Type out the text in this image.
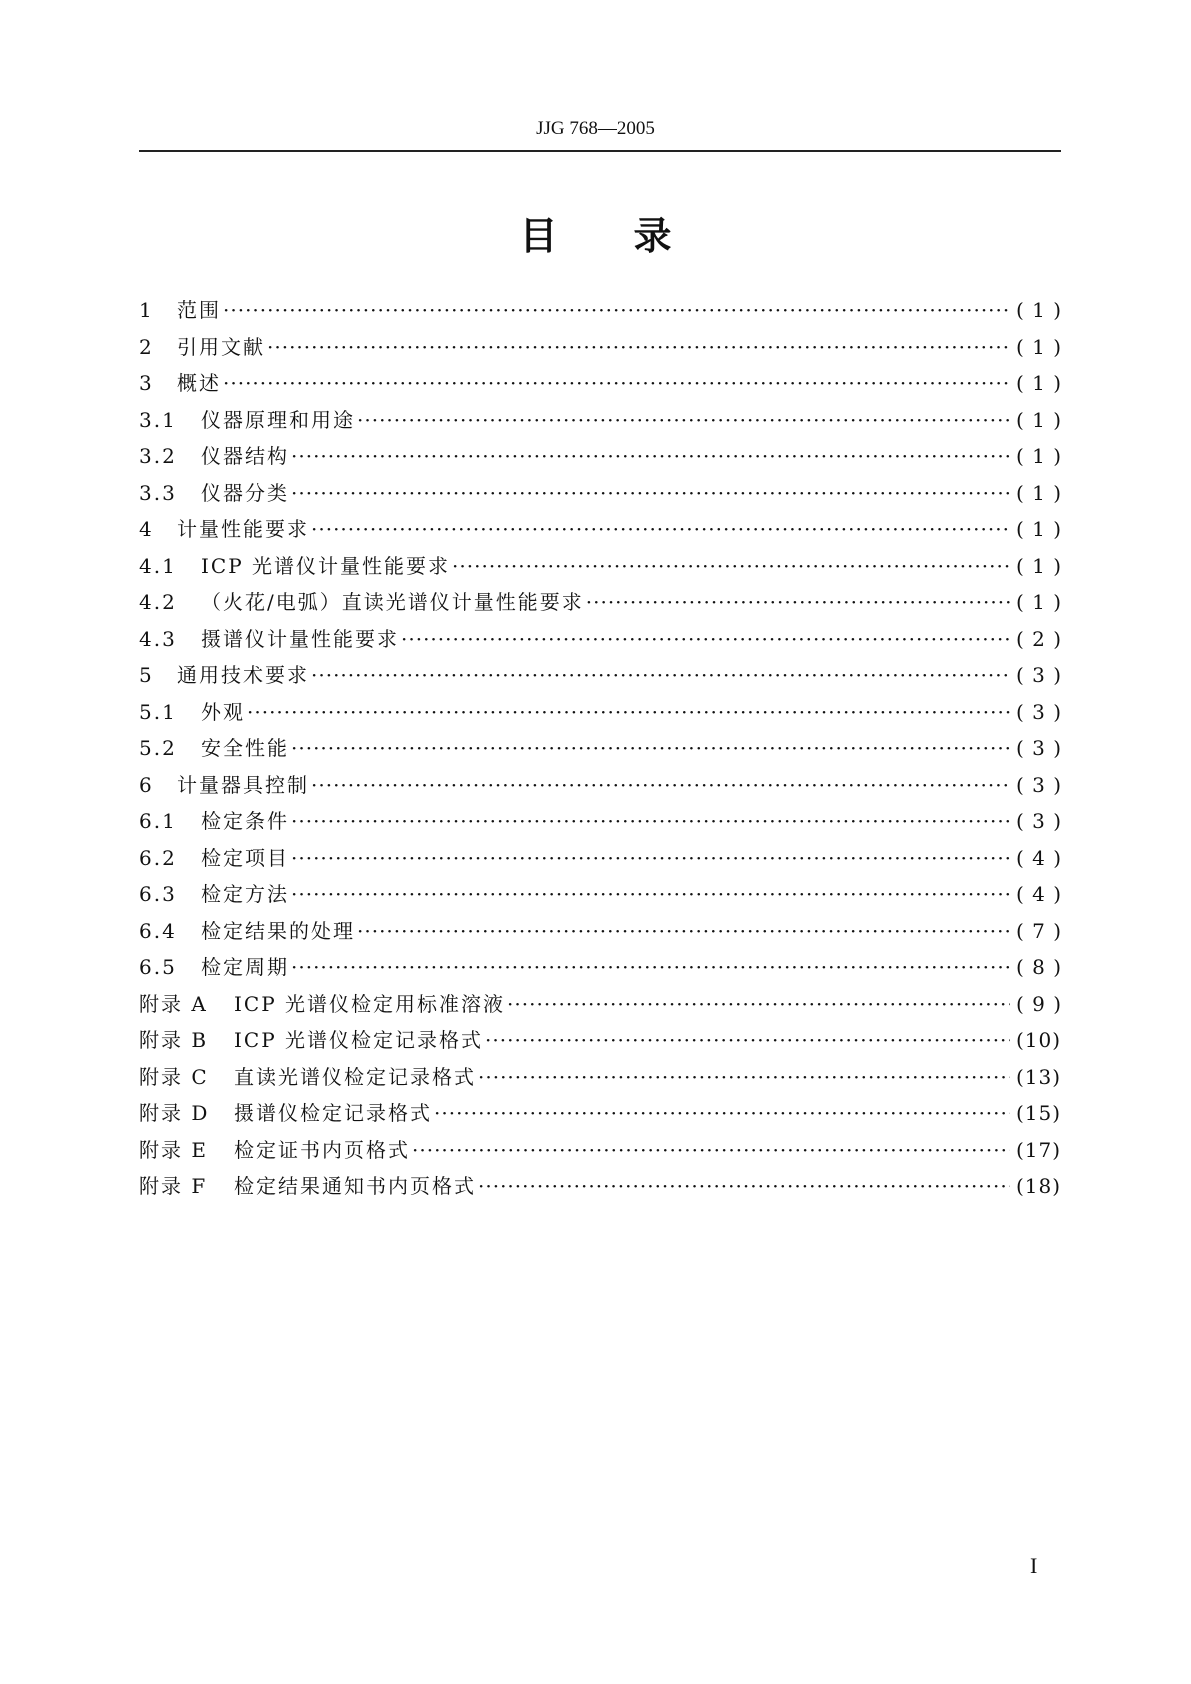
JJG 768—2005
目 录
1	范围 ·····	( 1 )
2	引用文献 ·····	( 1 )
3	概述 ·····	( 1 )
3.1	仪器原理和用途 ·····	( 1 )
3.2	仪器结构 ·····	( 1 )
3.3	仪器分类 ·····	( 1 )
4	计量性能要求 ·····	( 1 )
4.1	ICP 光谱仪计量性能要求 ·····	( 1 )
4.2	（火花/电弧）直读光谱仪计量性能要求 ·····	( 1 )
4.3	摄谱仪计量性能要求 ·····	( 2 )
5	通用技术要求 ·····	( 3 )
5.1	外观 ·····	( 3 )
5.2	安全性能 ·····	( 3 )
6	计量器具控制 ·····	( 3 )
6.1	检定条件 ·····	( 3 )
6.2	检定项目 ·····	( 4 )
6.3	检定方法 ·····	( 4 )
6.4	检定结果的处理 ·····	( 7 )
6.5	检定周期 ·····	( 8 )
附录 A	ICP 光谱仪检定用标准溶液 ·····	( 9 )
附录 B	ICP 光谱仪检定记录格式 ·····	(10)
附录 C	直读光谱仪检定记录格式 ·····	(13)
附录 D	摄谱仪检定记录格式 ·····	(15)
附录 E	检定证书内页格式 ·····	(17)
附录 F	检定结果通知书内页格式 ·····	(18)
I
